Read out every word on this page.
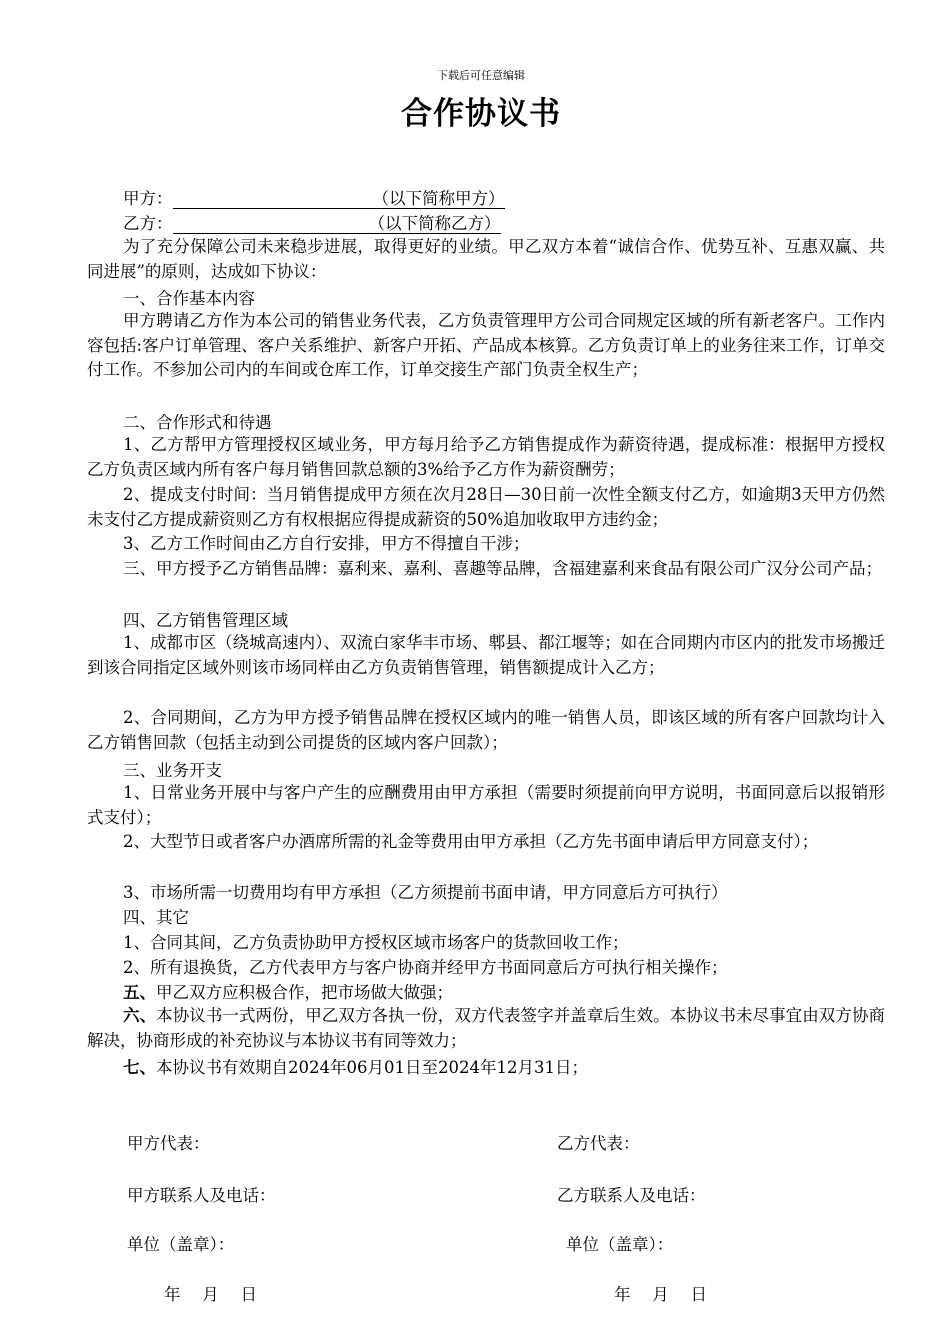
下载后可任意编辑
合作协议书
甲方：	（以下简称甲方）
乙方：	（以下简称乙方）
为了充分保障公司未来稳步进展，取得更好的业绩。甲乙双方本着“诚信合作、优势互补、互惠双赢、共同进展”的原则，达成如下协议：
一、合作基本内容
甲方聘请乙方作为本公司的销售业务代表，乙方负责管理甲方公司合同规定区域的所有新老客户。工作内容包括:客户订单管理、客户关系维护、新客户开拓、产品成本核算。乙方负责订单上的业务往来工作，订单交付工作。不参加公司内的车间或仓库工作，订单交接生产部门负责全权生产；
二、合作形式和待遇
1、乙方帮甲方管理授权区域业务，甲方每月给予乙方销售提成作为薪资待遇，提成标准：根据甲方授权乙方负责区域内所有客户每月销售回款总额的3%给予乙方作为薪资酬劳；
2、提成支付时间：当月销售提成甲方须在次月28日—30日前一次性全额支付乙方，如逾期3天甲方仍然未支付乙方提成薪资则乙方有权根据应得提成薪资的50%追加收取甲方违约金；
3、乙方工作时间由乙方自行安排，甲方不得擅自干涉；
三、甲方授予乙方销售品牌：嘉利来、嘉利、喜趣等品牌，含福建嘉利来食品有限公司广汉分公司产品；
四、乙方销售管理区域
1、成都市区（绕城高速内）、双流白家华丰市场、郫县、都江堰等；如在合同期内市区内的批发市场搬迁到该合同指定区域外则该市场同样由乙方负责销售管理，销售额提成计入乙方；
2、合同期间，乙方为甲方授予销售品牌在授权区域内的唯一销售人员，即该区域的所有客户回款均计入乙方销售回款（包括主动到公司提货的区域内客户回款）；
三、业务开支
1、日常业务开展中与客户产生的应酬费用由甲方承担（需要时须提前向甲方说明，书面同意后以报销形式支付）；
2、大型节日或者客户办酒席所需的礼金等费用由甲方承担（乙方先书面申请后甲方同意支付）；
3、市场所需一切费用均有甲方承担（乙方须提前书面申请，甲方同意后方可执行）
四、其它
1、合同其间，乙方负责协助甲方授权区域市场客户的货款回收工作；
2、所有退换货，乙方代表甲方与客户协商并经甲方书面同意后方可执行相关操作；
五、甲乙双方应积极合作，把市场做大做强；
六、本协议书一式两份，甲乙双方各执一份，双方代表签字并盖章后生效。本协议书未尽事宜由双方协商解决，协商形成的补充协议与本协议书有同等效力；
七、本协议书有效期自2024年06月01日至2024年12月31日；
甲方代表：	乙方代表：
甲方联系人及电话：	乙方联系人及电话：
单位（盖章）：	单位（盖章）：
年　 月　 日	年　 月　 日
